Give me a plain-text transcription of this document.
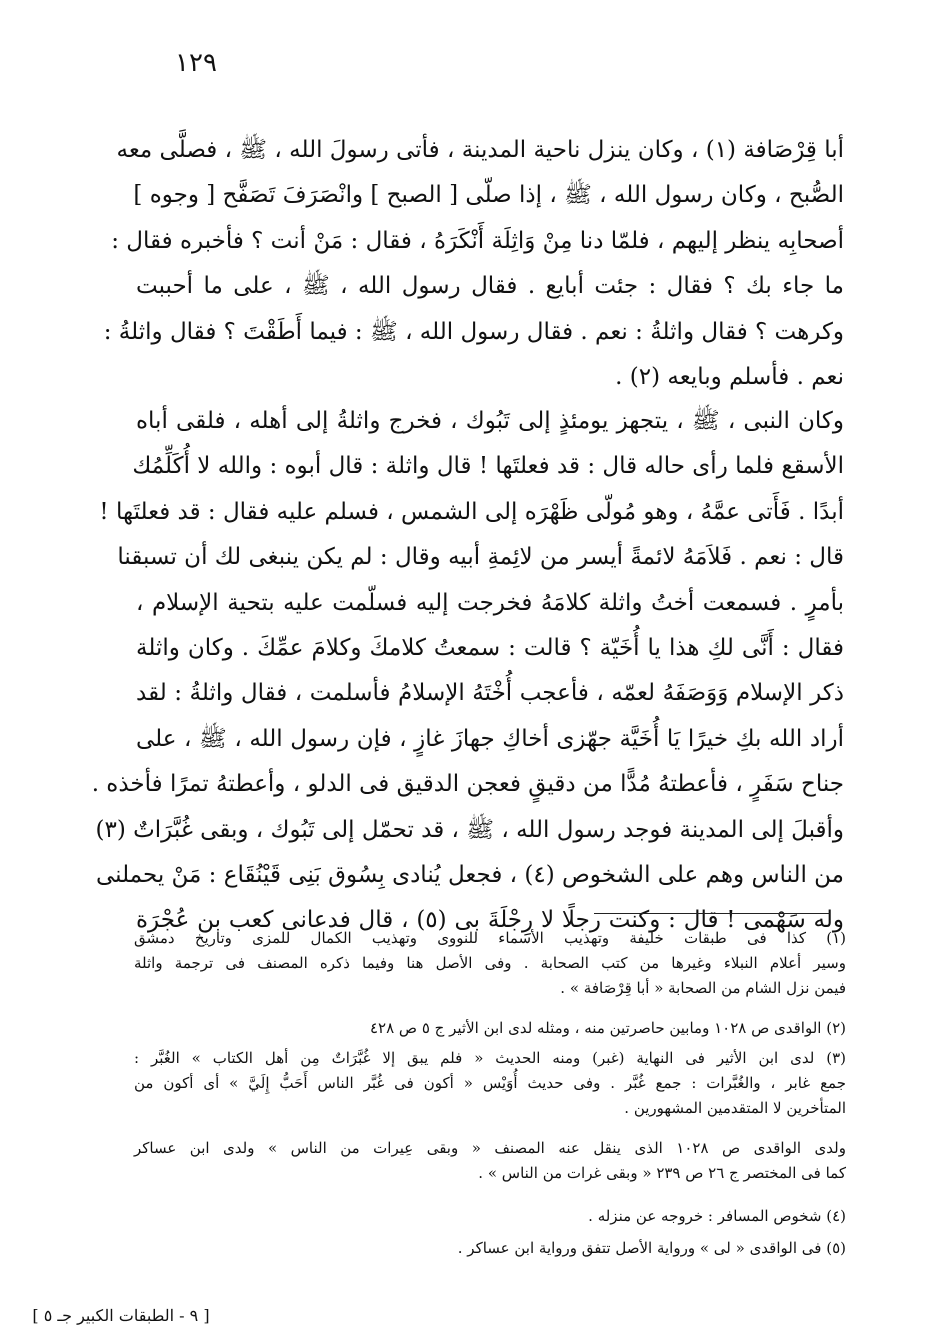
١٢٩
أبا قِرْصَافة (١) ، وكان ينزل ناحية المدينة ، فأتى رسولَ الله ، ﷺ ، فصلَّى معه
الصُّبح ، وكان رسول الله ، ﷺ ، إذا صلّى [ الصبح ] وانْصَرَفَ تَصَفَّح [ وجوه ]
أصحابِه ينظر إليهم ، فلمّا دنا مِنْ وَاثِلَة أَنْكَرَهُ ، فقال : مَنْ أنت ؟ فأخبره فقال :
ما جاء بك ؟ فقال : جئت أبايع . فقال رسول الله ، ﷺ ، على ما أحببت
وكرهت ؟ فقال واثلةُ : نعم . فقال رسول الله ، ﷺ : فيما أَطَقْتَ ؟ فقال واثلةُ :
نعم . فأسلم وبايعه (٢) .
وكان النبى ، ﷺ ، يتجهز يومئذٍ إلى تَبُوك ، فخرج واثلةُ إلى أهله ، فلقى أباه
الأسقع فلما رأى حاله قال : قد فعلتَها ! قال واثلة : قال أبوه : والله لا أُكَلِّمُك
أبدًا . فَأَتى عمَّهُ ، وهو مُولّى ظَهْرَه إلى الشمس ، فسلم عليه فقال : قد فعلتَها !
قال : نعم . فَلاَمَهُ لائمةً أيسر من لائِمةِ أبيه وقال : لم يكن ينبغى لك أن تسبقنا
بأمرٍ . فسمعت أختُ واثلة كلامَهُ فخرجت إليه فسلّمت عليه بتحية الإسلام ،
فقال : أَنَّى لكِ هذا يا أُخَيّة ؟ قالت : سمعتُ كلامكَ وكلامَ عمِّكَ . وكان واثلة
ذكر الإسلام وَوَصَفَهُ لعمّه ، فأعجب أُخْتَهُ الإسلامُ فأسلمت ، فقال واثلةُ : لقد
أراد الله بكِ خيرًا يَا أُخَيَّة جهّزى أخاكِ جهازَ غازٍ ، فإن رسول الله ، ﷺ ، على
جناح سَفَرٍ ، فأعطتهُ مُدًّا من دقيقٍ فعجن الدقيق فى الدلو ، وأعطتهُ تمرًا فأخذه .
وأقبلَ إلى المدينة فوجد رسول الله ، ﷺ ، قد تحمّل إلى تَبُوك ، وبقى غُبَّرَاتٌ (٣)
من الناس وهم على الشخوص (٤) ، فجعل يُنادى بِسُوق بَنِى قَيْنُقَاع : مَنْ يحملنى
وله سَهْمى ! قال : وكنت رجلًا لا رِجْلَةَ بى (٥) ، قال فدعانى كعب بن عُجْرَة
(١) كذا فى طبقات خليفة وتهذيب الأسماء للنووى وتهذيب الكمال للمزى وتاريخ دمشق
وسير أعلام النبلاء وغيرها من كتب الصحابة . وفى الأصل هنا وفيما ذكره المصنف فى ترجمة واثلة
فيمن نزل الشام من الصحابة « أبا قِرْصَافة » .
(٢) الواقدى ص ١٠٢٨ ومابين حاصرتين منه ، ومثله لدى ابن الأثير ج ٥ ص ٤٢٨
(٣) لدى ابن الأثير فى النهاية (غبر) ومنه الحديث « فلم يبق إلا غُبَّرَاتٌ مِن أهل الكتاب » الغُبَّر :
جمع غابر ، والغُبَّرات : جمع غُبَّر . وفى حديث أُوَيْس « أكون فى غُبَّر الناس أَحَبُّ إِلَيَّ » أى أكون من
المتأخرين لا المتقدمين المشهورين .
ولدى الواقدى ص ١٠٢٨ الذى ينقل عنه المصنف « وبقى عِيرات من الناس » ولدى ابن عساكر
كما فى المختصر ج ٢٦ ص ٢٣٩ « وبقى غرات من الناس » .
(٤) شخوص المسافر : خروجه عن منزله .
(٥) فى الواقدى « لى » ورواية الأصل تتفق ورواية ابن عساكر .
[ ٩ - الطبقات الكبير جـ ٥ ]
